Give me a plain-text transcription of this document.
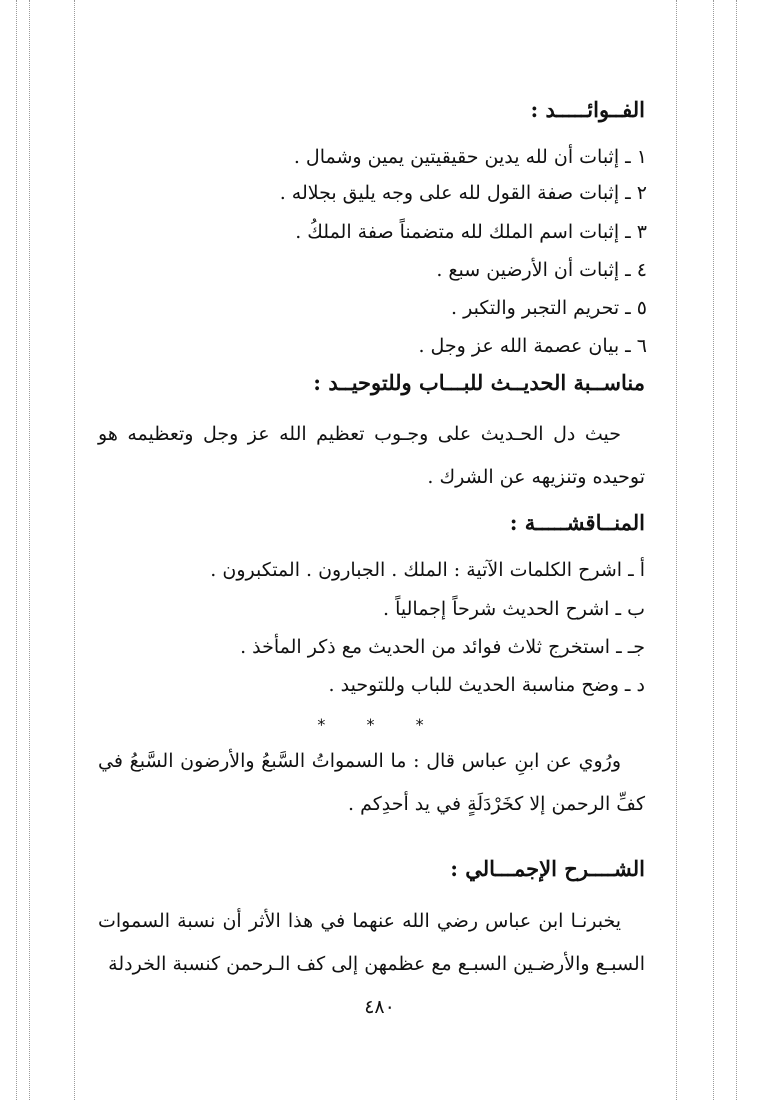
الفــوائـــــد :
١ ـ إثبات أن لله يدين حقيقيتين يمين وشمال .
٢ ـ إثبات صفة القول لله على وجه يليق بجلاله .
٣ ـ إثبات اسم الملك لله متضمناً صفة الملكُ .
٤ ـ إثبات أن الأرضين سبع .
٥ ـ تحريم التجبر والتكبر .
٦ ـ بيان عصمة الله عز وجل .
مناســبة الحديــث للبـــاب وللتوحيــد :
حيث دل الحـديث على وجـوب تعظيم الله عز وجل وتعظيمه هو توحيده وتنزيهه عن الشرك .
المنــاقشـــــة :
أ ـ اشرح الكلمات الآتية : الملك . الجبارون . المتكبرون .
ب ـ اشرح الحديث شرحاً إجمالياً .
جـ ـ استخرج ثلاث فوائد من الحديث مع ذكر المأخذ .
د ـ وضح مناسبة الحديث للباب وللتوحيد .
* * *
ورُوي عن ابنِ عباس قال : ما السمواتُ السَّبعُ والأرضون السَّبعُ في كفِّ الرحمن إلا كخَرْدَلَةٍ في يد أحدِكم .
الشــــرح الإجمـــالي :
يخبرنـا ابن عباس رضي الله عنهما في هذا الأثر أن نسبة السموات السبـع والأرضـين السبـع مع عظمهن إلى كف الـرحمن كنسبة الخردلة
٤٨٠
